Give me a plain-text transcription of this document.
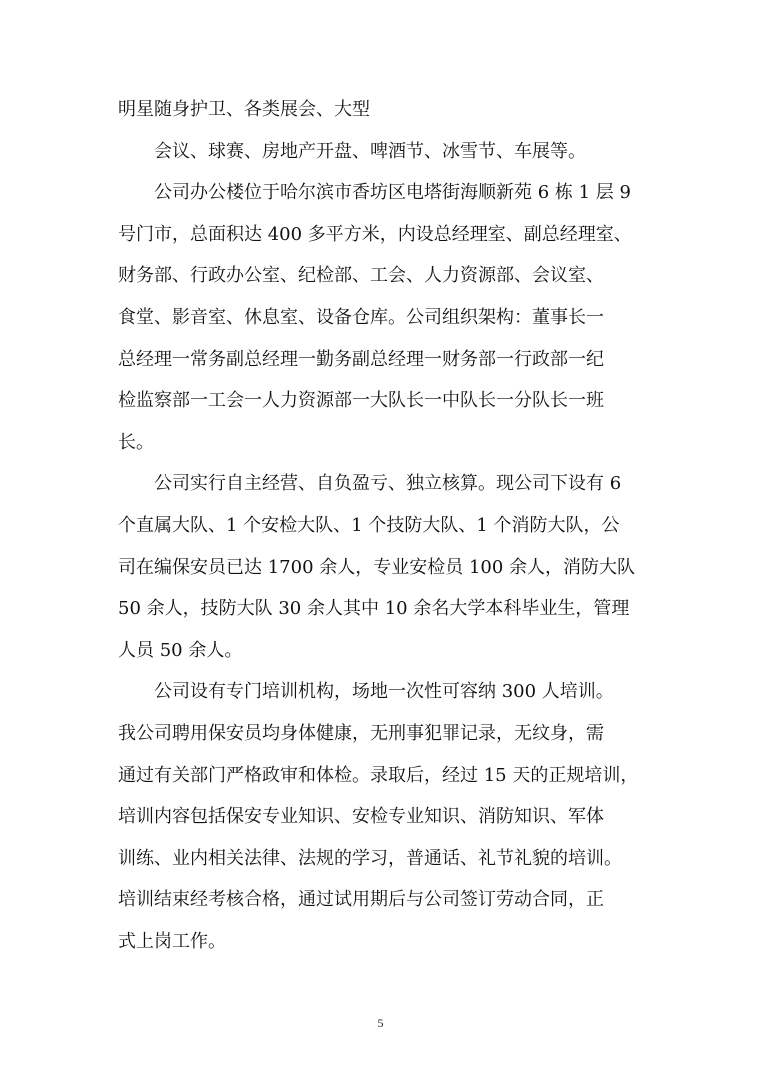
明星随身护卫、各类展会、大型
会议、球赛、房地产开盘、啤酒节、冰雪节、车展等。
公司办公楼位于哈尔滨市香坊区电塔街海顺新苑 6 栋 1 层 9
号门市，总面积达 400 多平方米，内设总经理室、副总经理室、
财务部、行政办公室、纪检部、工会、人力资源部、会议室、
食堂、影音室、休息室、设备仓库。公司组织架构：董事长一
总经理一常务副总经理一勤务副总经理一财务部一行政部一纪
检监察部一工会一人力资源部一大队长一中队长一分队长一班
长。
公司实行自主经营、自负盈亏、独立核算。现公司下设有 6
个直属大队、1 个安检大队、1 个技防大队、1 个消防大队，公
司在编保安员已达 1700 余人，专业安检员 100 余人，消防大队
50 余人，技防大队 30 余人其中 10 余名大学本科毕业生，管理
人员 50 余人。
公司设有专门培训机构，场地一次性可容纳 300 人培训。
我公司聘用保安员均身体健康，无刑事犯罪记录，无纹身，需
通过有关部门严格政审和体检。录取后，经过 15 天的正规培训，
培训内容包括保安专业知识、安检专业知识、消防知识、军体
训练、业内相关法律、法规的学习，普通话、礼节礼貌的培训。
培训结束经考核合格，通过试用期后与公司签订劳动合同，正
式上岗工作。
5
